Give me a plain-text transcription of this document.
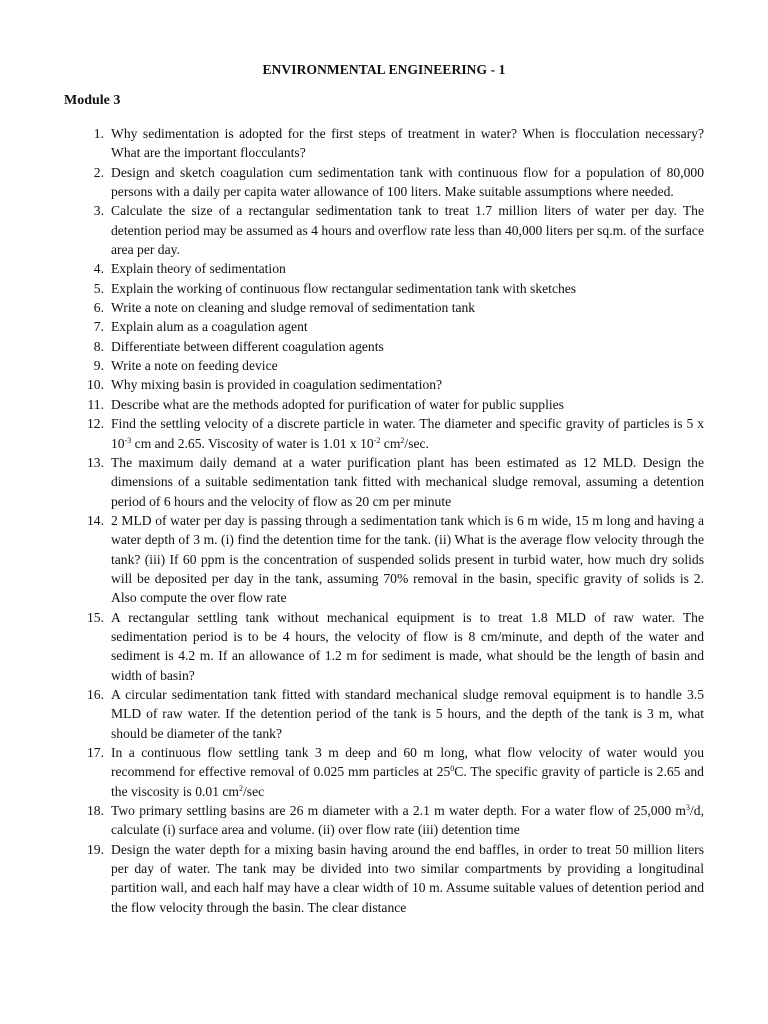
ENVIRONMENTAL ENGINEERING - 1
Module 3
1. Why sedimentation is adopted for the first steps of treatment in water? When is flocculation necessary? What are the important flocculants?
2. Design and sketch coagulation cum sedimentation tank with continuous flow for a population of 80,000 persons with a daily per capita water allowance of 100 liters. Make suitable assumptions where needed.
3. Calculate the size of a rectangular sedimentation tank to treat 1.7 million liters of water per day. The detention period may be assumed as 4 hours and overflow rate less than 40,000 liters per sq.m. of the surface area per day.
4. Explain theory of sedimentation
5. Explain the working of continuous flow rectangular sedimentation tank with sketches
6. Write a note on cleaning and sludge removal of sedimentation tank
7. Explain alum as a coagulation agent
8. Differentiate between different coagulation agents
9. Write a note on feeding device
10. Why mixing basin is provided in coagulation sedimentation?
11. Describe what are the methods adopted for purification of water for public supplies
12. Find the settling velocity of a discrete particle in water. The diameter and specific gravity of particles is 5 x $10^{-3}$ cm and 2.65. Viscosity of water is 1.01 x $10^{-2}$ $cm^2/\sec$.
13. The maximum daily demand at a water purification plant has been estimated as 12 MLD. Design the dimensions of a suitable sedimentation tank fitted with mechanical sludge removal, assuming a detention period of 6 hours and the velocity of flow as 20 cm per minute
14. 2 MLD of water per day is passing through a sedimentation tank which is 6 m wide, 15 m long and having a water depth of 3 m. (i) find the detention time for the tank. (ii) What is the average flow velocity through the tank? (iii) If 60 ppm is the concentration of suspended solids present in turbid water, how much dry solids will be deposited per day in the tank, assuming 70% removal in the basin, specific gravity of solids is 2. Also compute the over flow rate
15. A rectangular settling tank without mechanical equipment is to treat 1.8 MLD of raw water. The sedimentation period is to be 4 hours, the velocity of flow is 8 cm/minute, and depth of the water and sediment is 4.2 m. If an allowance of 1.2 m for sediment is made, what should be the length of basin and width of basin?
16. A circular sedimentation tank fitted with standard mechanical sludge removal equipment is to handle 3.5 MLD of raw water. If the detention period of the tank is 5 hours, and the depth of the tank is 3 m, what should be diameter of the tank?
17. In a continuous flow settling tank 3 m deep and 60 m long, what flow velocity of water would you recommend for effective removal of 0.025 mm particles at $25^0C$. The specific gravity of particle is 2.65 and the viscosity is 0.01 $cm^2/\sec$
18. Two primary settling basins are 26 m diameter with a 2.1 m water depth. For a water flow of 25,000 $m^3/d$, calculate (i) surface area and volume. (ii) over flow rate (iii) detention time
19. Design the water depth for a mixing basin having around the end baffles, in order to treat 50 million liters per day of water. The tank may be divided into two similar compartments by providing a longitudinal partition wall, and each half may have a clear width of 10 m. Assume suitable values of detention period and the flow velocity through the basin. The clear distance
